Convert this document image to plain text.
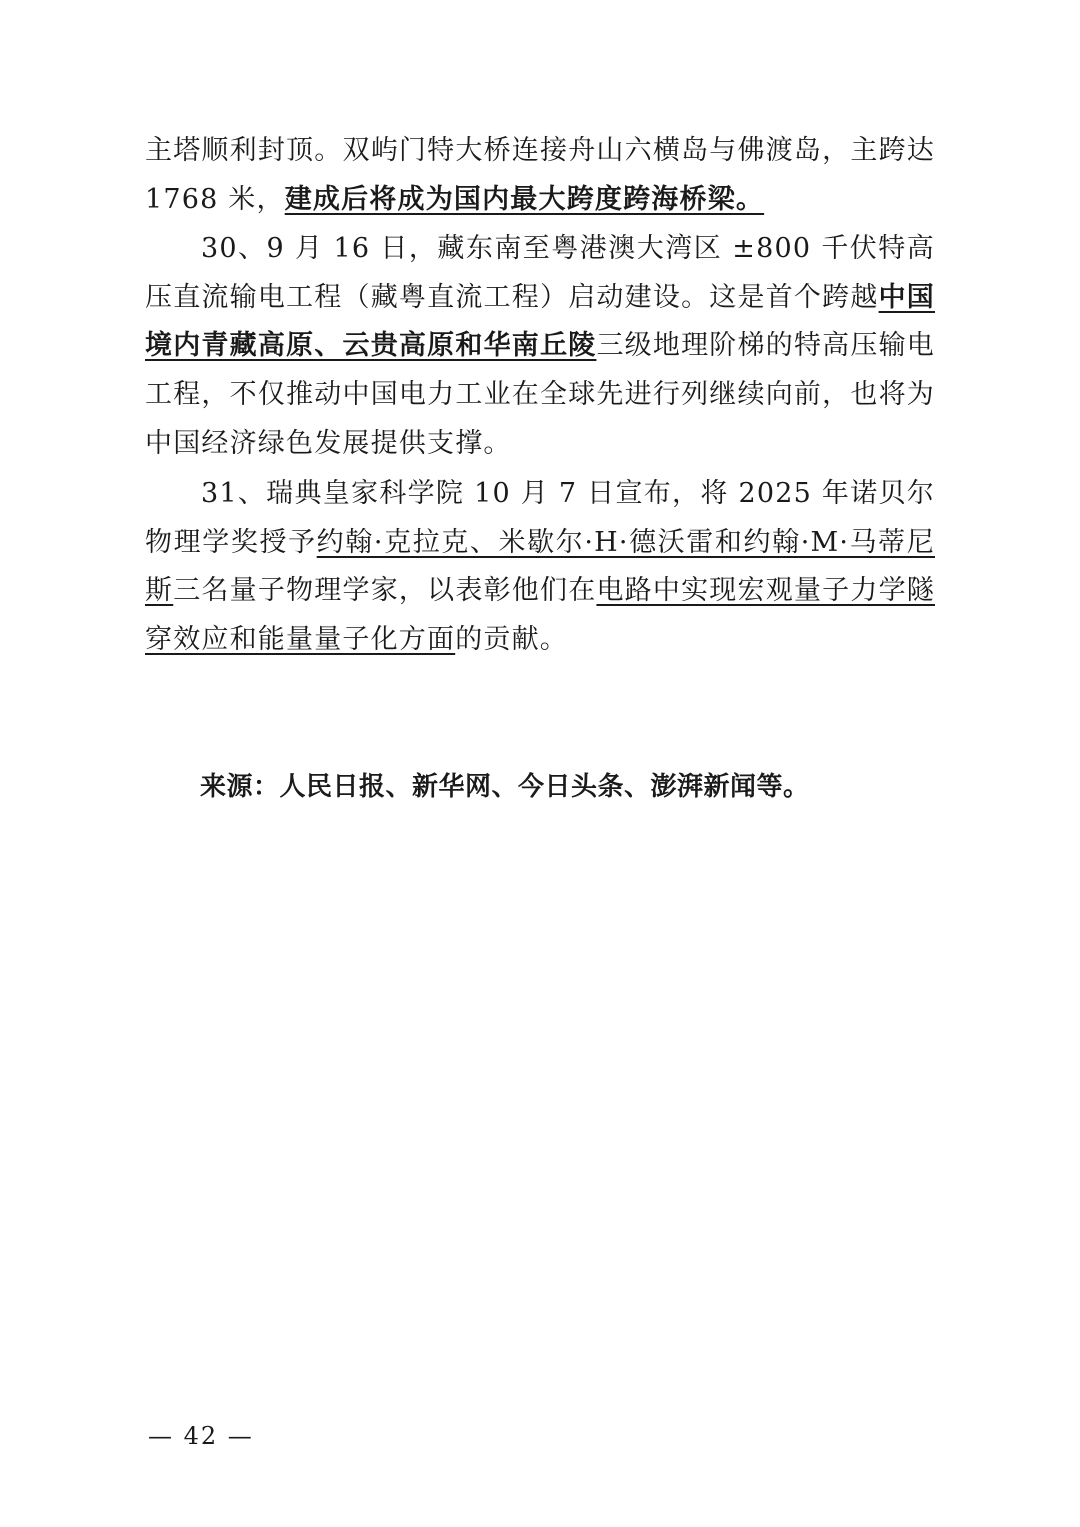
主塔顺利封顶。双屿门特大桥连接舟山六横岛与佛渡岛，主跨达 1768 米，建成后将成为国内最大跨度跨海桥梁。

30、9 月 16 日，藏东南至粤港澳大湾区 ±800 千伏特高压直流输电工程（藏粤直流工程）启动建设。这是首个跨越中国境内青藏高原、云贵高原和华南丘陵三级地理阶梯的特高压输电工程，不仅推动中国电力工业在全球先进行列继续向前，也将为中国经济绿色发展提供支撑。

31、瑞典皇家科学院 10 月 7 日宣布，将 2025 年诺贝尔物理学奖授予约翰·克拉克、米歇尔·H·德沃雷和约翰·M·马蒂尼斯三名量子物理学家，以表彰他们在电路中实现宏观量子力学隧穿效应和能量量子化方面的贡献。

来源：人民日报、新华网、今日头条、澎湃新闻等。

— 42 —
